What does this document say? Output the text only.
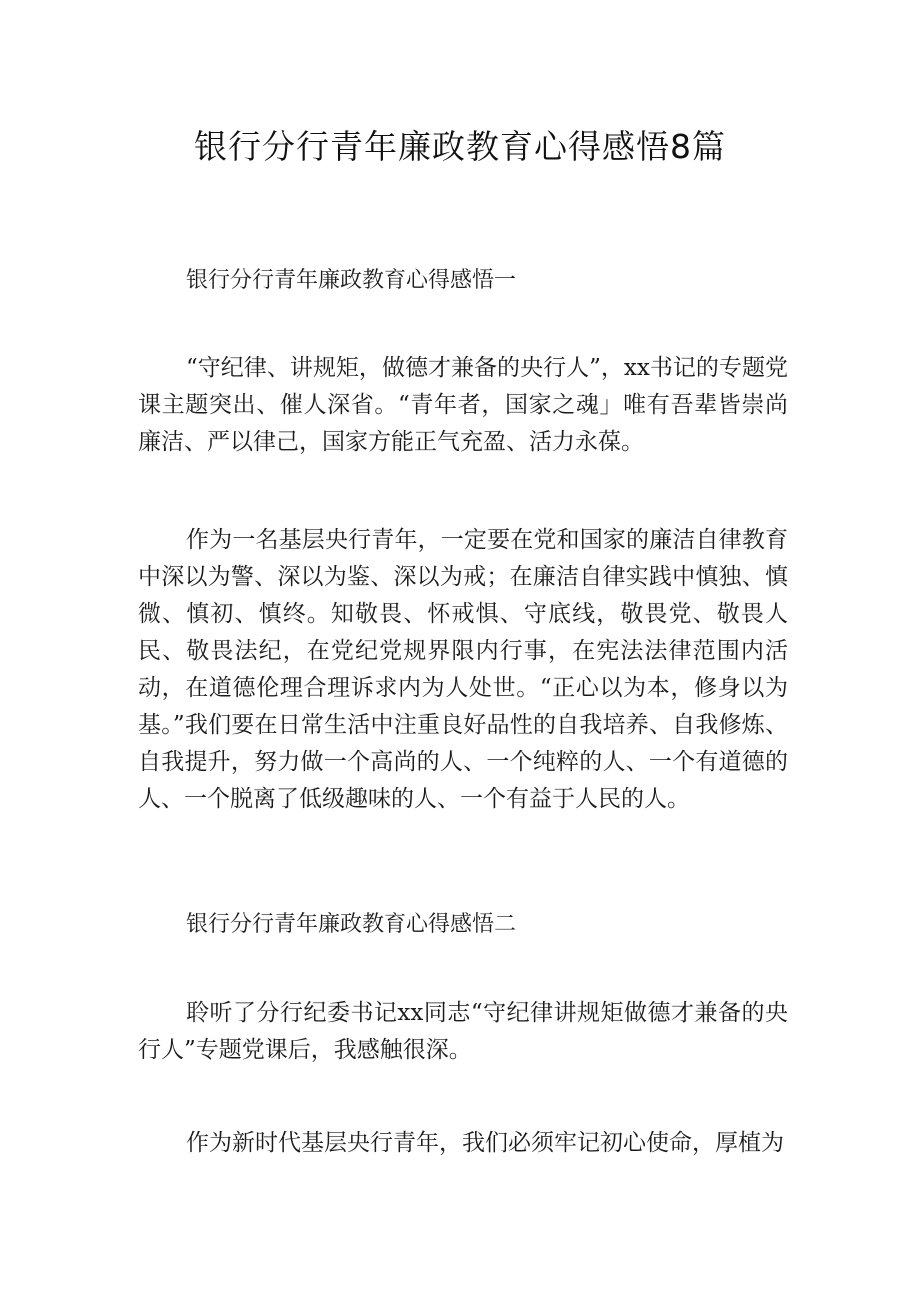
银行分行青年廉政教育心得感悟8篇
银行分行青年廉政教育心得感悟一

“守纪律、讲规矩，做德才兼备的央行人”，xx书记的专题党课主题突出、催人深省。“青年者，国家之魂」唯有吾辈皆崇尚廉洁、严以律己，国家方能正气充盈、活力永葆。

作为一名基层央行青年，一定要在党和国家的廉洁自律教育中深以为警、深以为鉴、深以为戒；在廉洁自律实践中慎独、慎微、慎初、慎终。知敬畏、怀戒惧、守底线，敬畏党、敬畏人民、敬畏法纪，在党纪党规界限内行事，在宪法法律范围内活动，在道德伦理合理诉求内为人处世。“正心以为本，修身以为基。”我们要在日常生活中注重良好品性的自我培养、自我修炼、自我提升，努力做一个高尚的人、一个纯粹的人、一个有道德的人、一个脱离了低级趣味的人、一个有益于人民的人。

银行分行青年廉政教育心得感悟二

聆听了分行纪委书记xx同志“守纪律讲规矩做德才兼备的央行人”专题党课后，我感触很深。

作为新时代基层央行青年，我们必须牢记初心使命，厚植为
